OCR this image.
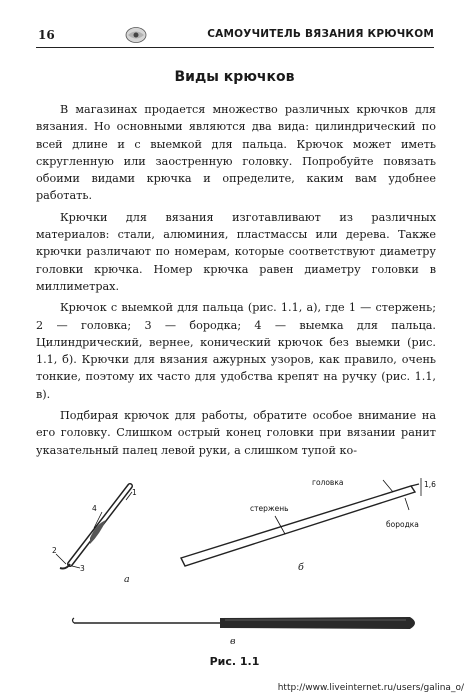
16	САМОУЧИТЕЛЬ ВЯЗАНИЯ КРЮЧКОМ
Виды крючков

В магазинах продается множество различных крючков для вязания. Но основными являются два вида: цилиндрический по всей длине и с выемкой для пальца. Крючок может иметь скругленную или заостренную головку. Попробуйте повязать обоими видами крючка и определите, каким вам удобнее работать.

Крючки для вязания изготавливают из различных материалов: стали, алюминия, пластмассы или дерева. Также крючки различают по номерам, которые соответствуют диаметру головки крючка. Номер крючка равен диаметру головки в миллиметрах.

Крючок с выемкой для пальца (рис. 1.1, а), где 1 — стержень; 2 — головка; 3 — бородка; 4 — выемка для пальца. Цилиндрический, вернее, конический крючок без выемки (рис. 1.1, б). Крючки для вязания ажурных узоров, как правило, очень тонкие, поэтому их часто для удобства крепят на ручку (рис. 1.1, в).

Подбирая крючок для работы, обратите особое внимание на его головку. Слишком острый конец головки при вязании ранит указательный палец левой руки, а слишком тупой ко-

1
4
2
3
а
головка
стержень
бородка
1,6
б
в
Рис. 1.1
http://www.liveinternet.ru/users/galina_o/
